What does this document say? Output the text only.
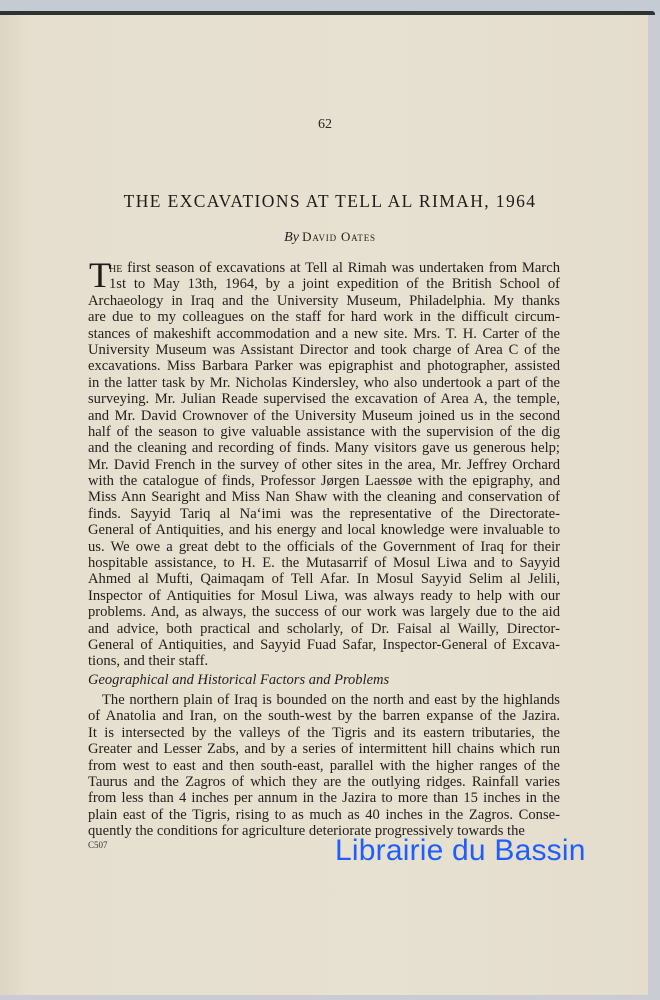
62
THE EXCAVATIONS AT TELL AL RIMAH, 1964
By David Oates
T
he first season of excavations at Tell al Rimah was undertaken from March
1st to May 13th, 1964, by a joint expedition of the British School of
Archaeology in Iraq and the University Museum, Philadelphia. My thanks
are due to my colleagues on the staff for hard work in the difficult circum-
stances of makeshift accommodation and a new site. Mrs. T. H. Carter of the
University Museum was Assistant Director and took charge of Area C of the
excavations. Miss Barbara Parker was epigraphist and photographer, assisted
in the latter task by Mr. Nicholas Kindersley, who also undertook a part of the
surveying. Mr. Julian Reade supervised the excavation of Area A, the temple,
and Mr. David Crownover of the University Museum joined us in the second
half of the season to give valuable assistance with the supervision of the dig
and the cleaning and recording of finds. Many visitors gave us generous help;
Mr. David French in the survey of other sites in the area, Mr. Jeffrey Orchard
with the catalogue of finds, Professor Jørgen Laessøe with the epigraphy, and
Miss Ann Searight and Miss Nan Shaw with the cleaning and conservation of
finds. Sayyid Tariq al Na‘imi was the representative of the Directorate-
General of Antiquities, and his energy and local knowledge were invaluable to
us. We owe a great debt to the officials of the Government of Iraq for their
hospitable assistance, to H. E. the Mutasarrif of Mosul Liwa and to Sayyid
Ahmed al Mufti, Qaimaqam of Tell Afar. In Mosul Sayyid Selim al Jelili,
Inspector of Antiquities for Mosul Liwa, was always ready to help with our
problems. And, as always, the success of our work was largely due to the aid
and advice, both practical and scholarly, of Dr. Faisal al Wailly, Director-
General of Antiquities, and Sayyid Fuad Safar, Inspector-General of Excava-
tions, and their staff.
Geographical and Historical Factors and Problems
The northern plain of Iraq is bounded on the north and east by the highlands
of Anatolia and Iran, on the south-west by the barren expanse of the Jazira.
It is intersected by the valleys of the Tigris and its eastern tributaries, the
Greater and Lesser Zabs, and by a series of intermittent hill chains which run
from west to east and then south-east, parallel with the higher ranges of the
Taurus and the Zagros of which they are the outlying ridges. Rainfall varies
from less than 4 inches per annum in the Jazira to more than 15 inches in the
plain east of the Tigris, rising to as much as 40 inches in the Zagros. Conse-
quently the conditions for agriculture deteriorate progressively towards the
C507	Librairie du Bassin
